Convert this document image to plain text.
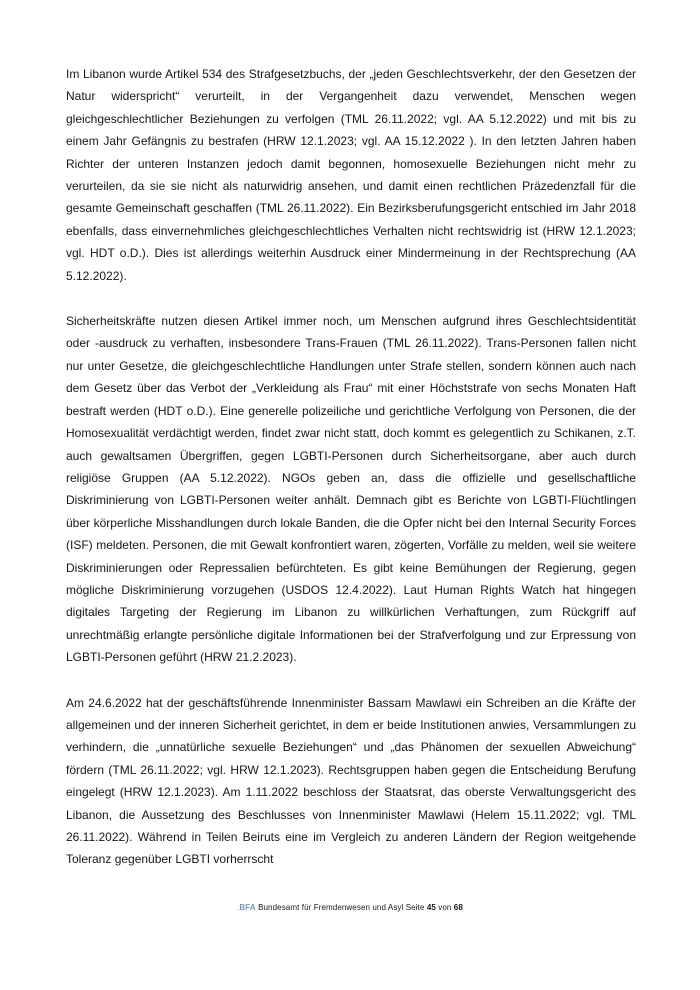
Im Libanon wurde Artikel 534 des Strafgesetzbuchs, der „jeden Geschlechtsverkehr, der den Gesetzen der Natur widerspricht“ verurteilt, in der Vergangenheit dazu verwendet, Menschen wegen gleichgeschlechtlicher Beziehungen zu verfolgen (TML 26.11.2022; vgl. AA 5.12.2022) und mit bis zu einem Jahr Gefängnis zu bestrafen (HRW 12.1.2023; vgl. AA 15.12.2022 ). In den letzten Jahren haben Richter der unteren Instanzen jedoch damit begonnen, homosexuelle Beziehungen nicht mehr zu verurteilen, da sie sie nicht als naturwidrig ansehen, und damit einen rechtlichen Präzedenzfall für die gesamte Gemeinschaft geschaffen (TML 26.11.2022). Ein Bezirksberufungsgericht entschied im Jahr 2018 ebenfalls, dass einvernehmliches gleichgeschlechtliches Verhalten nicht rechtswidrig ist (HRW 12.1.2023; vgl. HDT o.D.). Dies ist allerdings weiterhin Ausdruck einer Mindermeinung in der Rechtsprechung (AA 5.12.2022).

Sicherheitskräfte nutzen diesen Artikel immer noch, um Menschen aufgrund ihres Geschlechtsidentität oder -ausdruck zu verhaften, insbesondere Trans-Frauen (TML 26.11.2022). Trans-Personen fallen nicht nur unter Gesetze, die gleichgeschlechtliche Handlungen unter Strafe stellen, sondern können auch nach dem Gesetz über das Verbot der „Verkleidung als Frau“ mit einer Höchststrafe von sechs Monaten Haft bestraft werden (HDT o.D.). Eine generelle polizeiliche und gerichtliche Verfolgung von Personen, die der Homosexualität verdächtigt werden, findet zwar nicht statt, doch kommt es gelegentlich zu Schikanen, z.T. auch gewaltsamen Übergriffen, gegen LGBTI-Personen durch Sicherheitsorgane, aber auch durch religiöse Gruppen (AA 5.12.2022). NGOs geben an, dass die offizielle und gesellschaftliche Diskriminierung von LGBTI-Personen weiter anhält. Demnach gibt es Berichte von LGBTI-Flüchtlingen über körperliche Misshandlungen durch lokale Banden, die die Opfer nicht bei den Internal Security Forces (ISF) meldeten. Personen, die mit Gewalt konfrontiert waren, zögerten, Vorfälle zu melden, weil sie weitere Diskriminierungen oder Repressalien befürchteten. Es gibt keine Bemühungen der Regierung, gegen mögliche Diskriminierung vorzugehen (USDOS 12.4.2022). Laut Human Rights Watch hat hingegen digitales Targeting der Regierung im Libanon zu willkürlichen Verhaftungen, zum Rückgriff auf unrechtmäßig erlangte persönliche digitale Informationen bei der Strafverfolgung und zur Erpressung von LGBTI-Personen geführt (HRW 21.2.2023).

Am 24.6.2022 hat der geschäftsführende Innenminister Bassam Mawlawi ein Schreiben an die Kräfte der allgemeinen und der inneren Sicherheit gerichtet, in dem er beide Institutionen anwies, Versammlungen zu verhindern, die „unnatürliche sexuelle Beziehungen“ und „das Phänomen der sexuellen Abweichung“ fördern (TML 26.11.2022; vgl. HRW 12.1.2023). Rechtsgruppen haben gegen die Entscheidung Berufung eingelegt (HRW 12.1.2023). Am 1.11.2022 beschloss der Staatsrat, das oberste Verwaltungsgericht des Libanon, die Aussetzung des Beschlusses von Innenminister Mawlawi (Helem 15.11.2022; vgl. TML 26.11.2022). Während in Teilen Beiruts eine im Vergleich zu anderen Ländern der Region weitgehende Toleranz gegenüber LGBTI vorherrscht

.BFA Bundesamt für Fremdenwesen und Asyl Seite 45 von 68
